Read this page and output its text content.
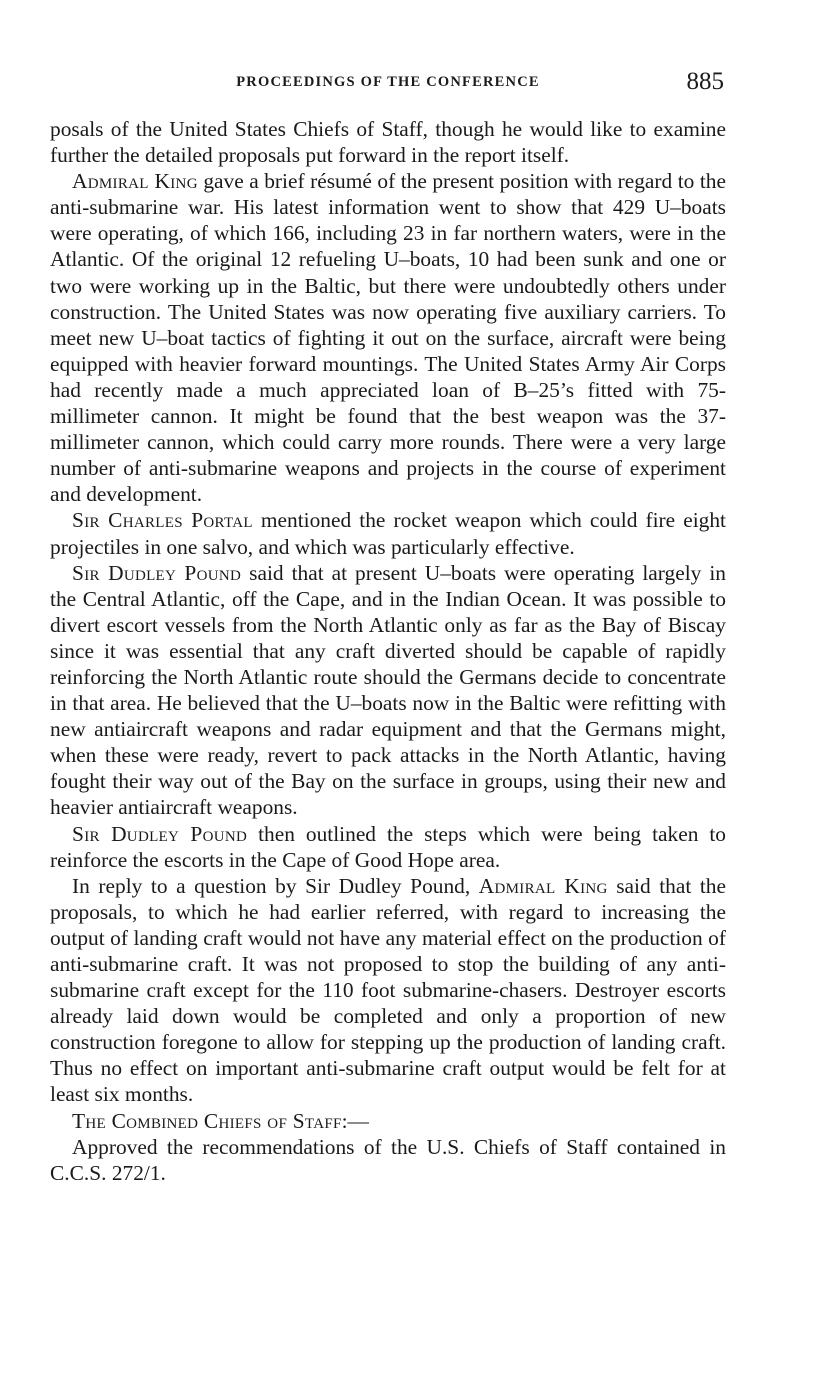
PROCEEDINGS OF THE CONFERENCE	885

posals of the United States Chiefs of Staff, though he would like to examine further the detailed proposals put forward in the report itself.

Admiral King gave a brief résumé of the present position with regard to the anti-submarine war. His latest information went to show that 429 U–boats were operating, of which 166, including 23 in far northern waters, were in the Atlantic. Of the original 12 refueling U–boats, 10 had been sunk and one or two were working up in the Baltic, but there were undoubtedly others under construction. The United States was now operating five auxiliary carriers. To meet new U–boat tactics of fighting it out on the surface, aircraft were being equipped with heavier forward mountings. The United States Army Air Corps had recently made a much appreciated loan of B–25’s fitted with 75-millimeter cannon. It might be found that the best weapon was the 37-millimeter cannon, which could carry more rounds. There were a very large number of anti-submarine weapons and projects in the course of experiment and development.

Sir Charles Portal mentioned the rocket weapon which could fire eight projectiles in one salvo, and which was particularly effective.

Sir Dudley Pound said that at present U–boats were operating largely in the Central Atlantic, off the Cape, and in the Indian Ocean. It was possible to divert escort vessels from the North Atlantic only as far as the Bay of Biscay since it was essential that any craft diverted should be capable of rapidly reinforcing the North Atlantic route should the Germans decide to concentrate in that area. He believed that the U–boats now in the Baltic were refitting with new antiaircraft weapons and radar equipment and that the Germans might, when these were ready, revert to pack attacks in the North Atlantic, having fought their way out of the Bay on the surface in groups, using their new and heavier antiaircraft weapons.

Sir Dudley Pound then outlined the steps which were being taken to reinforce the escorts in the Cape of Good Hope area.

In reply to a question by Sir Dudley Pound, Admiral King said that the proposals, to which he had earlier referred, with regard to increasing the output of landing craft would not have any material effect on the production of anti-submarine craft. It was not proposed to stop the building of any anti-submarine craft except for the 110 foot submarine-chasers. Destroyer escorts already laid down would be completed and only a proportion of new construction foregone to allow for stepping up the production of landing craft. Thus no effect on important anti-submarine craft output would be felt for at least six months.

The Combined Chiefs of Staff:—

Approved the recommendations of the U.S. Chiefs of Staff contained in C.C.S. 272/1.
